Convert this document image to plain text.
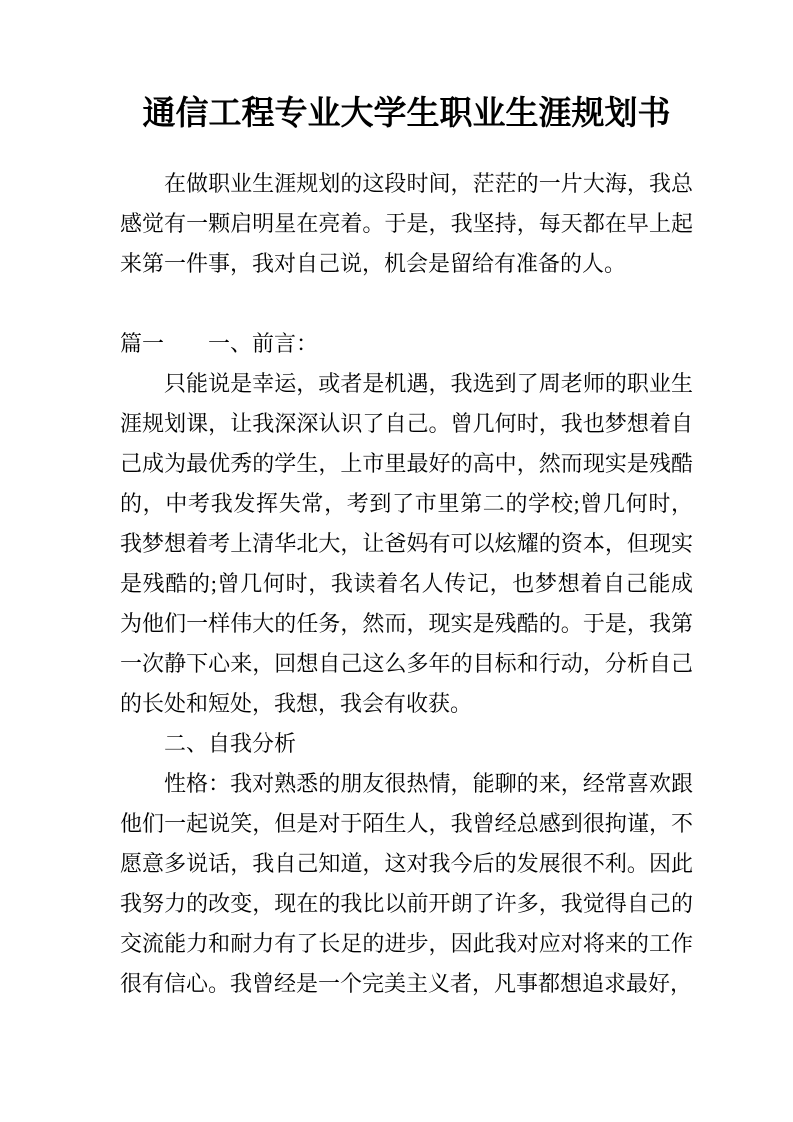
通信工程专业大学生职业生涯规划书

在做职业生涯规划的这段时间，茫茫的一片大海，我总感觉有一颗启明星在亮着。于是，我坚持，每天都在早上起来第一件事，我对自己说，机会是留给有准备的人。

篇一　　一、前言：

只能说是幸运，或者是机遇，我选到了周老师的职业生涯规划课，让我深深认识了自己。曾几何时，我也梦想着自己成为最优秀的学生，上市里最好的高中，然而现实是残酷的，中考我发挥失常，考到了市里第二的学校;曾几何时，我梦想着考上清华北大，让爸妈有可以炫耀的资本，但现实是残酷的;曾几何时，我读着名人传记，也梦想着自己能成为他们一样伟大的任务，然而，现实是残酷的。于是，我第一次静下心来，回想自己这么多年的目标和行动，分析自己的长处和短处，我想，我会有收获。

二、自我分析

性格：我对熟悉的朋友很热情，能聊的来，经常喜欢跟他们一起说笑，但是对于陌生人，我曾经总感到很拘谨，不愿意多说话，我自己知道，这对我今后的发展很不利。因此我努力的改变，现在的我比以前开朗了许多，我觉得自己的交流能力和耐力有了长足的进步，因此我对应对将来的工作很有信心。我曾经是一个完美主义者，凡事都想追求最好，
